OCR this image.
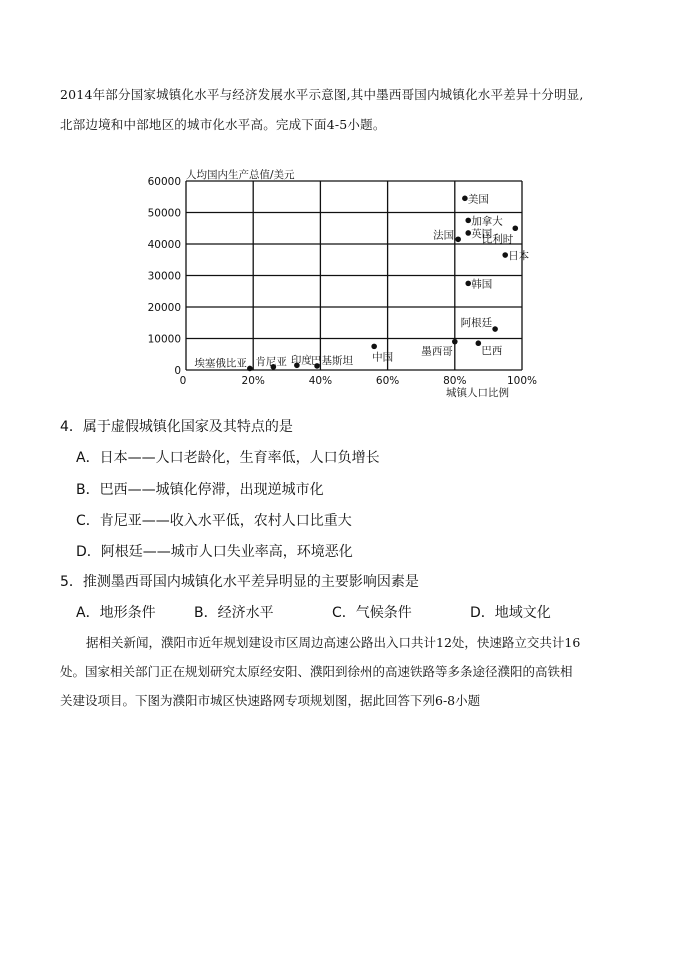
2014年部分国家城镇化水平与经济发展水平示意图,其中墨西哥国内城镇化水平差异十分明显,

北部边境和中部地区的城市化水平高。完成下面4-5小题。

0
10000
20000
30000
40000
50000
60000
0	20%	40%	60%	80%	100%
美国
加拿大
英国
法国	比利时
日本
韩国
阿根廷
墨西哥	巴西
中国
埃塞俄比亚 肯尼亚 印度 巴基斯坦
人均国内生产总值/美元
城镇人口比例
4．属于虚假城镇化国家及其特点的是
A．日本——人口老龄化，生育率低，人口负增长
B．巴西——城镇化停滞，出现逆城市化
C．肯尼亚——收入水平低，农村人口比重大
D．阿根廷——城市人口失业率高，环境恶化
5．推测墨西哥国内城镇化水平差异明显的主要影响因素是
A．地形条件	B．经济水平	C．气候条件	D．地域文化

据相关新闻，濮阳市近年规划建设市区周边高速公路出入口共计12处，快速路立交共计16

处。国家相关部门正在规划研究太原经安阳、濮阳到徐州的高速铁路等多条途径濮阳的高铁相

关建设项目。下图为濮阳市城区快速路网专项规划图，据此回答下列6-8小题
